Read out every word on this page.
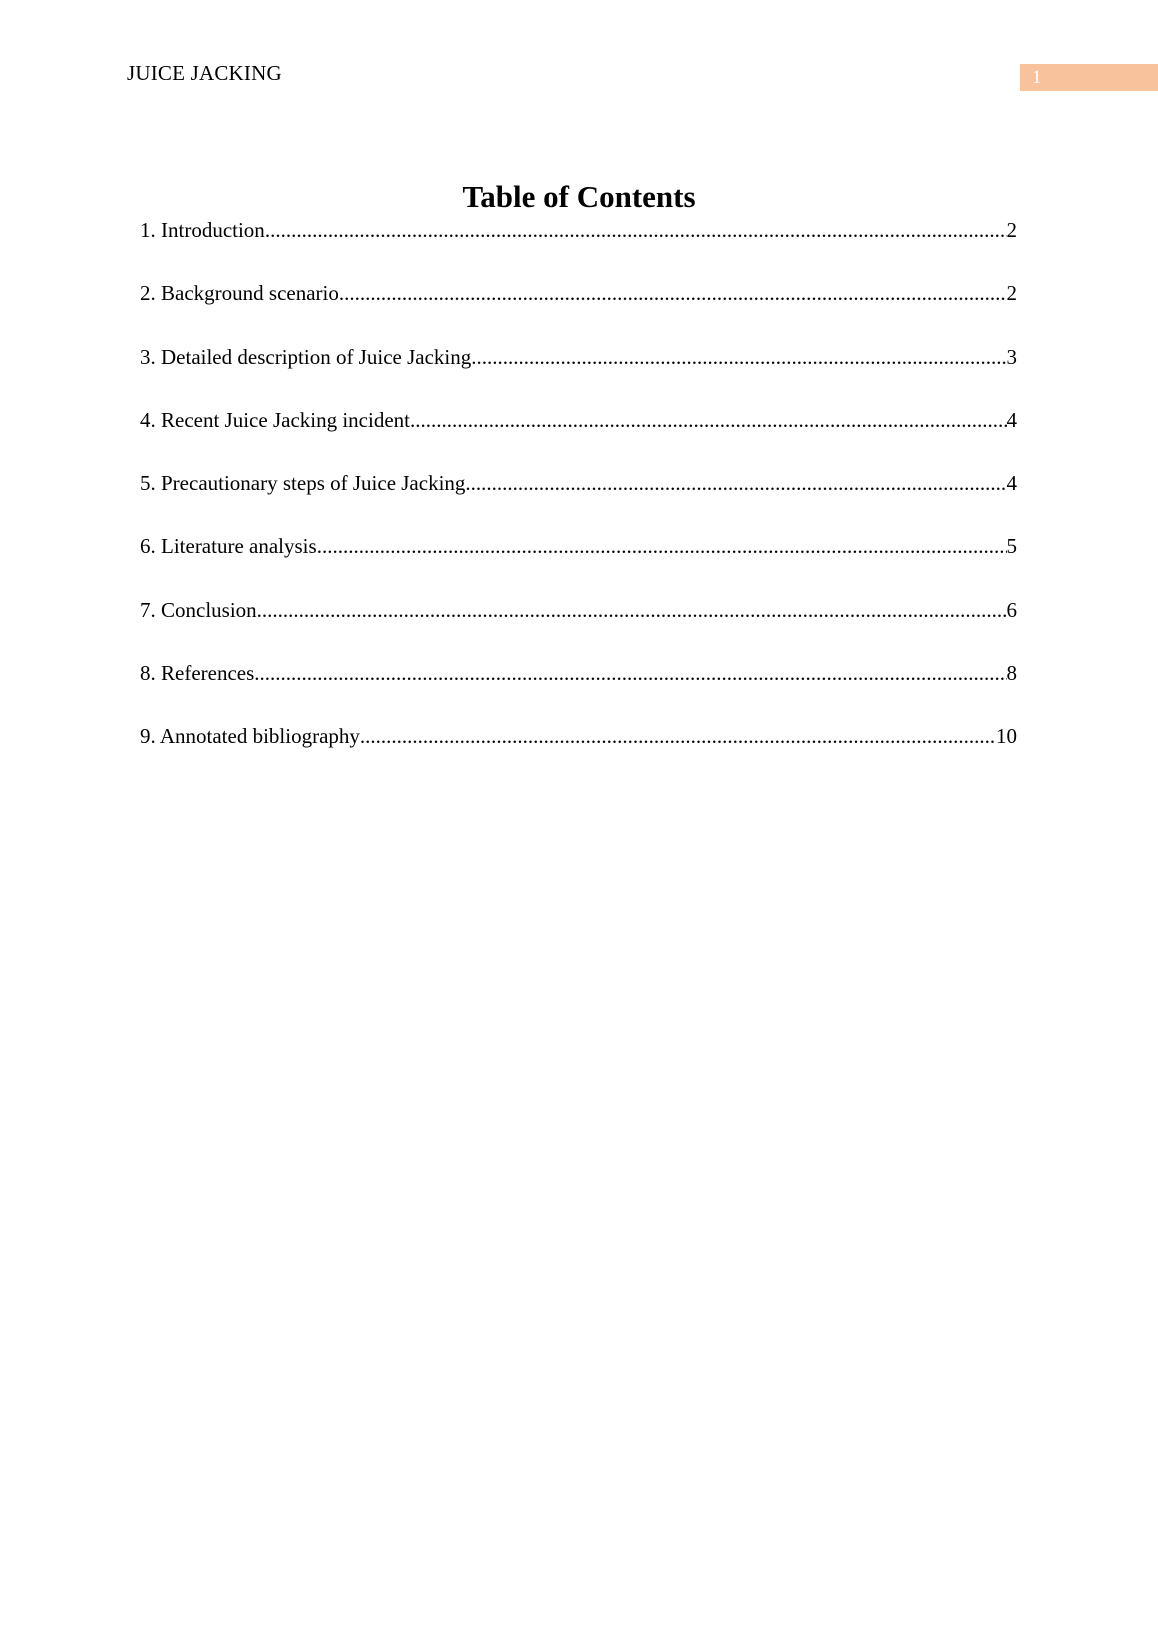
JUICE JACKING	1
Table of Contents
1. Introduction .....	2
2. Background scenario .....	2
3. Detailed description of Juice Jacking .....	3
4. Recent Juice Jacking incident .....	4
5. Precautionary steps of Juice Jacking .....	4
6. Literature analysis .....	5
7. Conclusion .....	6
8. References .....	8
9. Annotated bibliography .....	10
